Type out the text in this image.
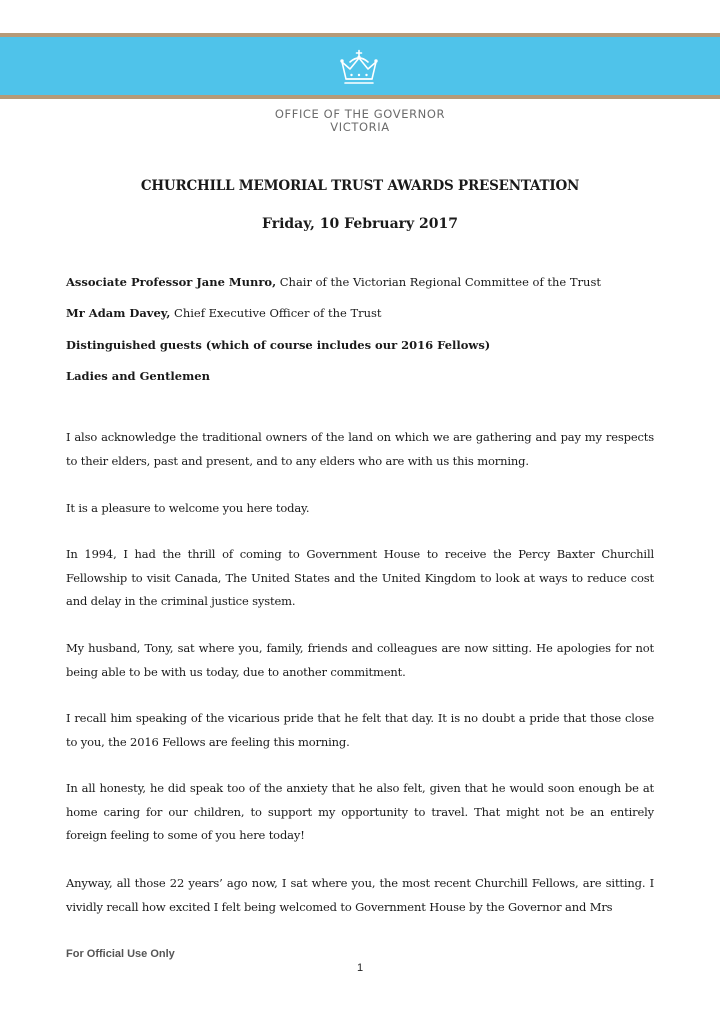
OFFICE OF THE GOVERNOR
VICTORIA
CHURCHILL MEMORIAL TRUST AWARDS PRESENTATION
Friday, 10 February 2017
Associate Professor Jane Munro, Chair of the Victorian Regional Committee of the Trust
Mr Adam Davey, Chief Executive Officer of the Trust
Distinguished guests (which of course includes our 2016 Fellows)
Ladies and Gentlemen
I also acknowledge the traditional owners of the land on which we are gathering and pay my respects to their elders, past and present, and to any elders who are with us this morning.
It is a pleasure to welcome you here today.
In 1994, I had the thrill of coming to Government House to receive the Percy Baxter Churchill Fellowship to visit Canada, The United States and the United Kingdom to look at ways to reduce cost and delay in the criminal justice system.
My husband, Tony, sat where you, family, friends and colleagues are now sitting. He apologies for not being able to be with us today, due to another commitment.
I recall him speaking of the vicarious pride that he felt that day. It is no doubt a pride that those close to you, the 2016 Fellows are feeling this morning.
In all honesty, he did speak too of the anxiety that he also felt, given that he would soon enough be at home caring for our children, to support my opportunity to travel. That might not be an entirely foreign feeling to some of you here today!
Anyway, all those 22 years’ ago now, I sat where you, the most recent Churchill Fellows, are sitting. I vividly recall how excited I felt being welcomed to Government House by the Governor and Mrs
For Official Use Only
1
